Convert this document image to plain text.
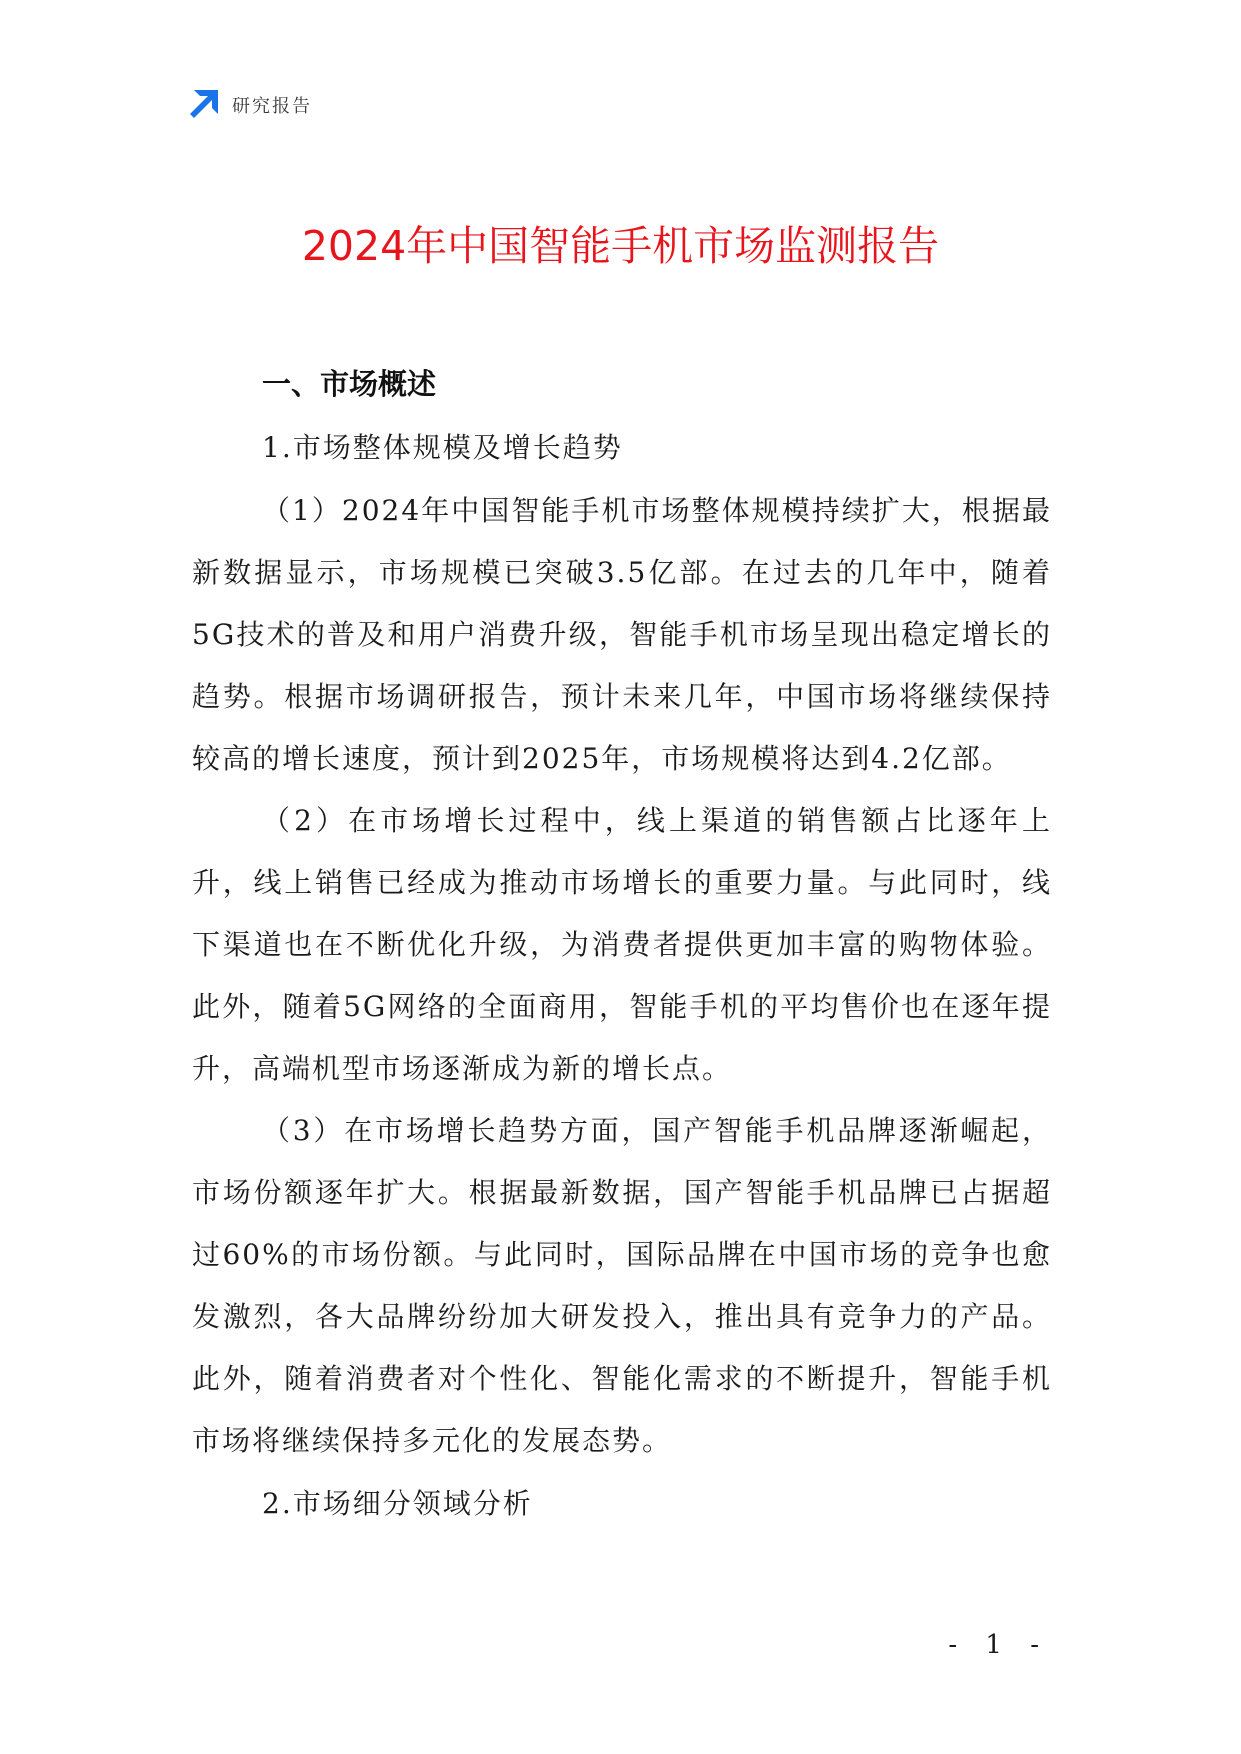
研究报告
2024年中国智能手机市场监测报告
一、市场概述
1.市场整体规模及增长趋势

（1）2024年中国智能手机市场整体规模持续扩大，根据最新数据显示，市场规模已突破3.5亿部。在过去的几年中，随着5G技术的普及和用户消费升级，智能手机市场呈现出稳定增长的趋势。根据市场调研报告，预计未来几年，中国市场将继续保持较高的增长速度，预计到2025年，市场规模将达到4.2亿部。

（2）在市场增长过程中，线上渠道的销售额占比逐年上升，线上销售已经成为推动市场增长的重要力量。与此同时，线下渠道也在不断优化升级，为消费者提供更加丰富的购物体验。此外，随着5G网络的全面商用，智能手机的平均售价也在逐年提升，高端机型市场逐渐成为新的增长点。

（3）在市场增长趋势方面，国产智能手机品牌逐渐崛起，市场份额逐年扩大。根据最新数据，国产智能手机品牌已占据超过60%的市场份额。与此同时，国际品牌在中国市场的竞争也愈发激烈，各大品牌纷纷加大研发投入，推出具有竞争力的产品。此外，随着消费者对个性化、智能化需求的不断提升，智能手机市场将继续保持多元化的发展态势。

2.市场细分领域分析
- 1 -
